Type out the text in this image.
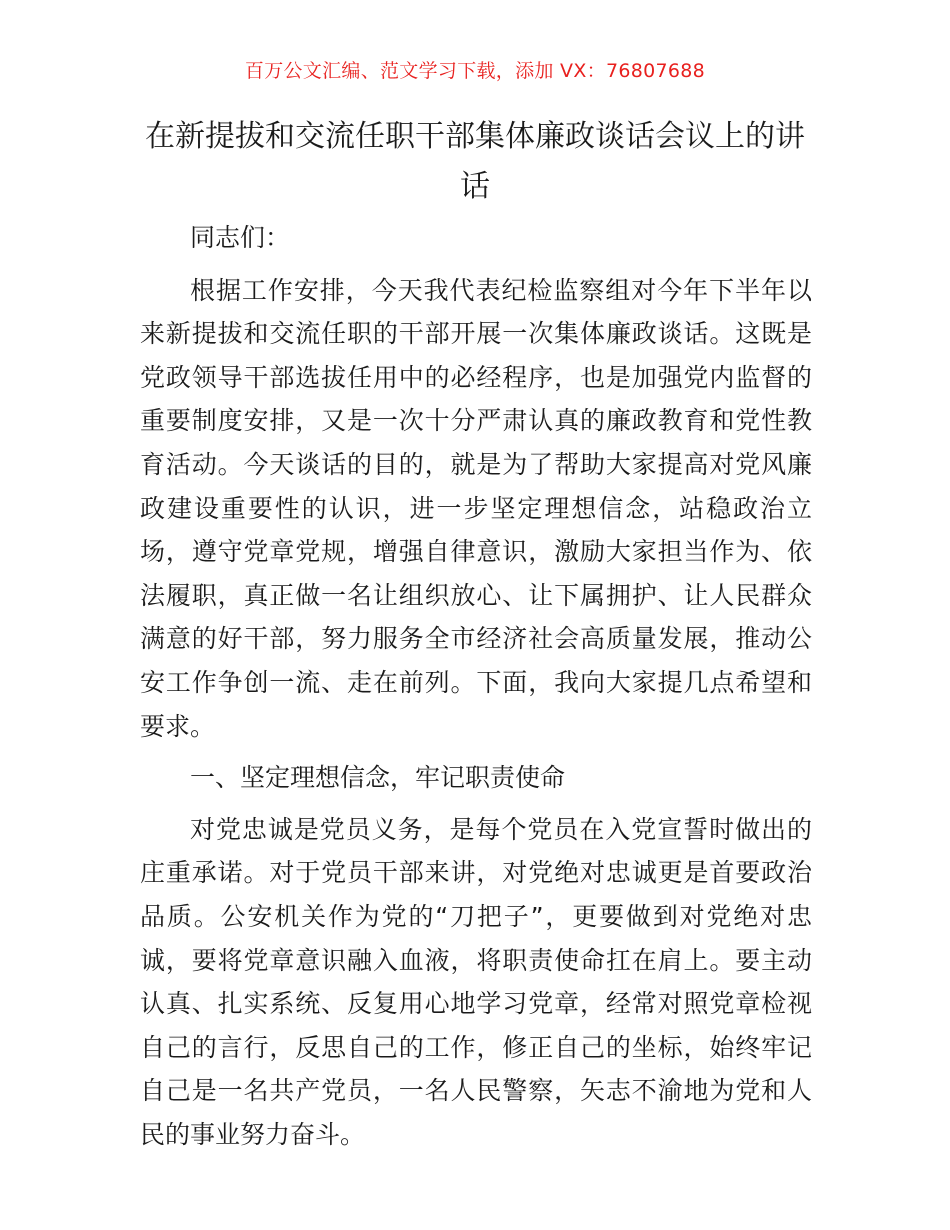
百万公文汇编、范文学习下载，添加 VX：76807688
在新提拔和交流任职干部集体廉政谈话会议上的讲话

同志们：

根据工作安排，今天我代表纪检监察组对今年下半年以来新提拔和交流任职的干部开展一次集体廉政谈话。这既是党政领导干部选拔任用中的必经程序，也是加强党内监督的重要制度安排，又是一次十分严肃认真的廉政教育和党性教育活动。今天谈话的目的，就是为了帮助大家提高对党风廉政建设重要性的认识，进一步坚定理想信念，站稳政治立场，遵守党章党规，增强自律意识，激励大家担当作为、依法履职，真正做一名让组织放心、让下属拥护、让人民群众满意的好干部，努力服务全市经济社会高质量发展，推动公安工作争创一流、走在前列。下面，我向大家提几点希望和要求。

一、坚定理想信念，牢记职责使命

对党忠诚是党员义务，是每个党员在入党宣誓时做出的庄重承诺。对于党员干部来讲，对党绝对忠诚更是首要政治品质。公安机关作为党的“刀把子”，更要做到对党绝对忠诚，要将党章意识融入血液，将职责使命扛在肩上。要主动认真、扎实系统、反复用心地学习党章，经常对照党章检视自己的言行，反思自己的工作，修正自己的坐标，始终牢记自己是一名共产党员，一名人民警察，矢志不渝地为党和人民的事业努力奋斗。
